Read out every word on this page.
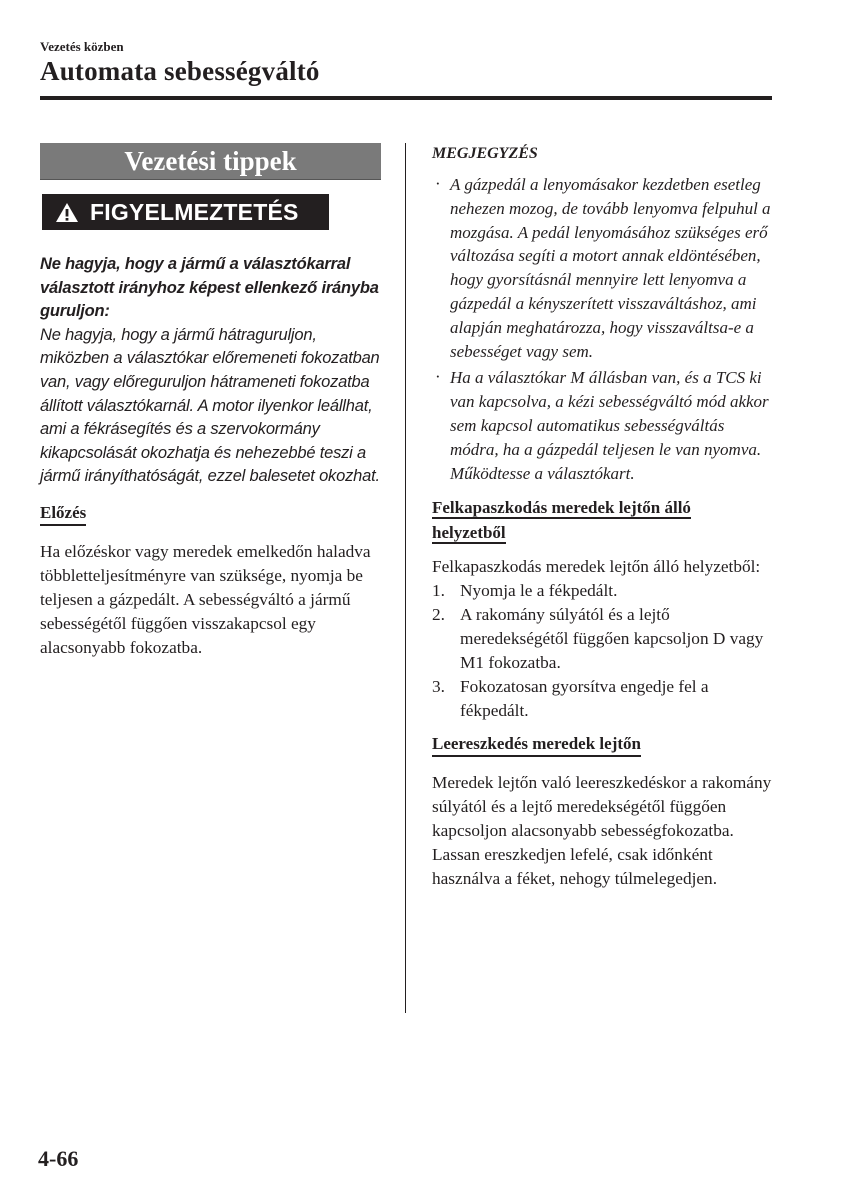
Vezetés közben
Automata sebességváltó
Vezetési tippek
FIGYELMEZTETÉS
Ne hagyja, hogy a jármű a választókarral választott irányhoz képest ellenkező irányba guruljon:
Ne hagyja, hogy a jármű hátraguruljon, miközben a választókar előremeneti fokozatban van, vagy előreguruljon hátrameneti fokozatba állított választókarnál. A motor ilyenkor leállhat, ami a fékrásegítés és a szervokormány kikapcsolását okozhatja és nehezebbé teszi a jármű irányíthatóságát, ezzel balesetet okozhat.
Előzés
Ha előzéskor vagy meredek emelkedőn haladva többletteljesítményre van szüksége, nyomja be teljesen a gázpedált. A sebességváltó a jármű sebességétől függően visszakapcsol egy alacsonyabb fokozatba.
MEGJEGYZÉS
· A gázpedál a lenyomásakor kezdetben esetleg nehezen mozog, de tovább lenyomva felpuhul a mozgása. A pedál lenyomásához szükséges erő változása segíti a motort annak eldöntésében, hogy gyorsításnál mennyire lett lenyomva a gázpedál a kényszerített visszaváltáshoz, ami alapján meghatározza, hogy visszaváltsa-e a sebességet vagy sem.
· Ha a választókar M állásban van, és a TCS ki van kapcsolva, a kézi sebességváltó mód akkor sem kapcsol automatikus sebességváltás módra, ha a gázpedál teljesen le van nyomva. Működtesse a választókart.
Felkapaszkodás meredek lejtőn álló helyzetből
Felkapaszkodás meredek lejtőn álló helyzetből:
1. Nyomja le a fékpedált.
2. A rakomány súlyától és a lejtő meredekségétől függően kapcsoljon D vagy M1 fokozatba.
3. Fokozatosan gyorsítva engedje fel a fékpedált.
Leereszkedés meredek lejtőn
Meredek lejtőn való leereszkedéskor a rakomány súlyától és a lejtő meredekségétől függően kapcsoljon alacsonyabb sebességfokozatba. Lassan ereszkedjen lefelé, csak időnként használva a féket, nehogy túlmelegedjen.
4-66
